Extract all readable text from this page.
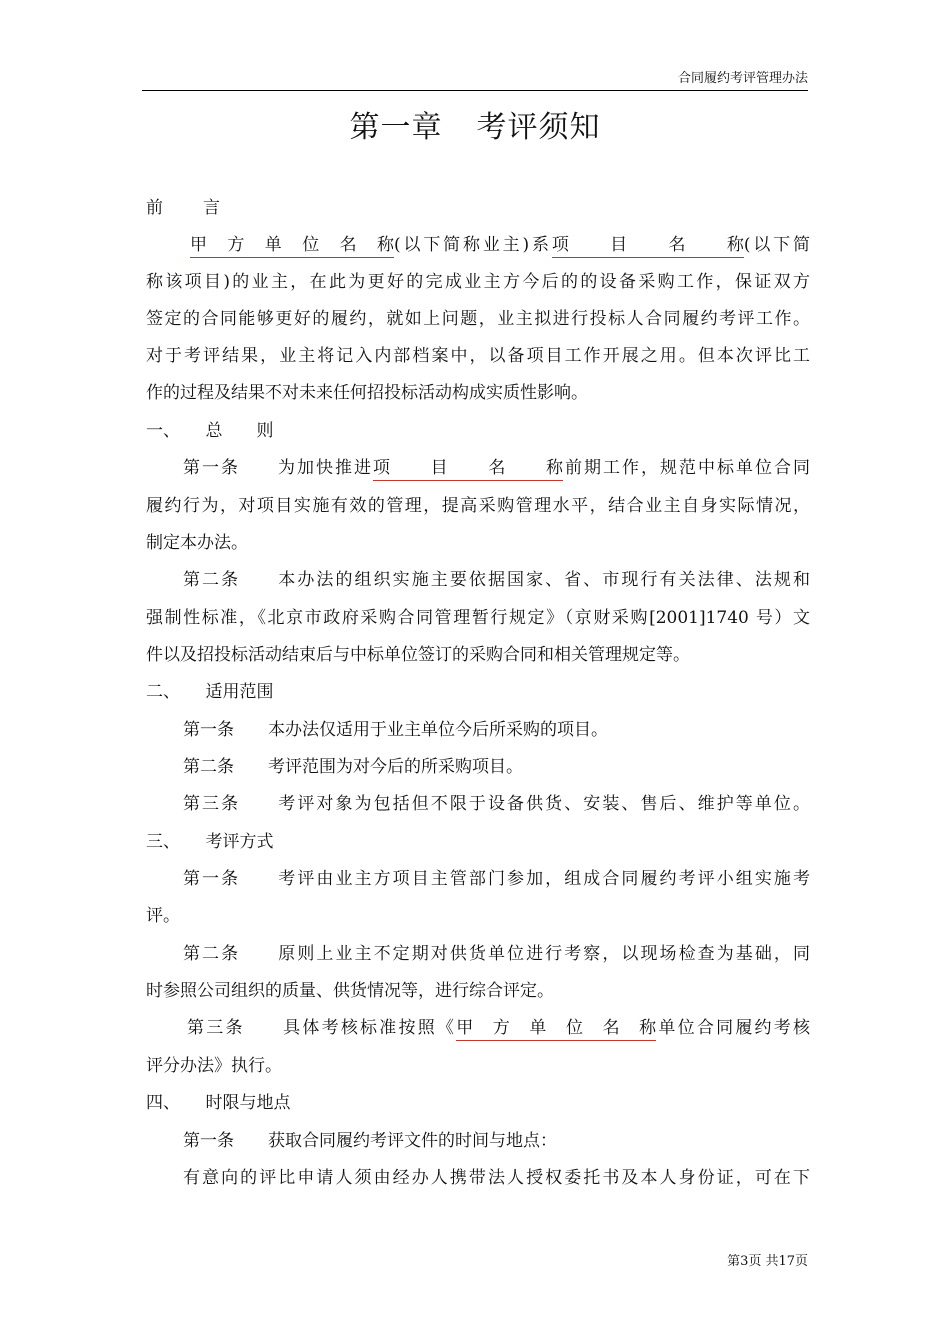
合同履约考评管理办法
第一章 考评须知
前 言
甲方单位名称(以下简称业主)系项目名称(以下简
称该项目)的业主，在此为更好的完成业主方今后的的设备采购工作，保证双方
签定的合同能够更好的履约，就如上问题，业主拟进行投标人合同履约考评工作。
对于考评结果，业主将记入内部档案中，以备项目工作开展之用。但本次评比工
作的过程及结果不对未来任何招投标活动构成实质性影响。
一、　　总　　则
第一条　　为加快推进项目名称前期工作，规范中标单位合同
履约行为，对项目实施有效的管理，提高采购管理水平，结合业主自身实际情况，
制定本办法。
第二条　　本办法的组织实施主要依据国家、省、市现行有关法律、法规和
强制性标准，《北京市政府采购合同管理暂行规定》（京财采购[2001]1740 号）文
件以及招投标活动结束后与中标单位签订的采购合同和相关管理规定等。
二、　　适用范围
第一条　　本办法仅适用于业主单位今后所采购的项目。
第二条　　考评范围为对今后的所采购项目。
第三条　　考评对象为包括但不限于设备供货、安装、售后、维护等单位。
三、　　考评方式
第一条　　考评由业主方项目主管部门参加，组成合同履约考评小组实施考
评。
第二条　　原则上业主不定期对供货单位进行考察，以现场检查为基础，同
时参照公司组织的质量、供货情况等，进行综合评定。
第三条　　具体考核标准按照《甲方单位名称单位合同履约考核
评分办法》执行。
四、　　时限与地点
第一条　　获取合同履约考评文件的时间与地点：
有意向的评比申请人须由经办人携带法人授权委托书及本人身份证，可在下
第3页 共17页
